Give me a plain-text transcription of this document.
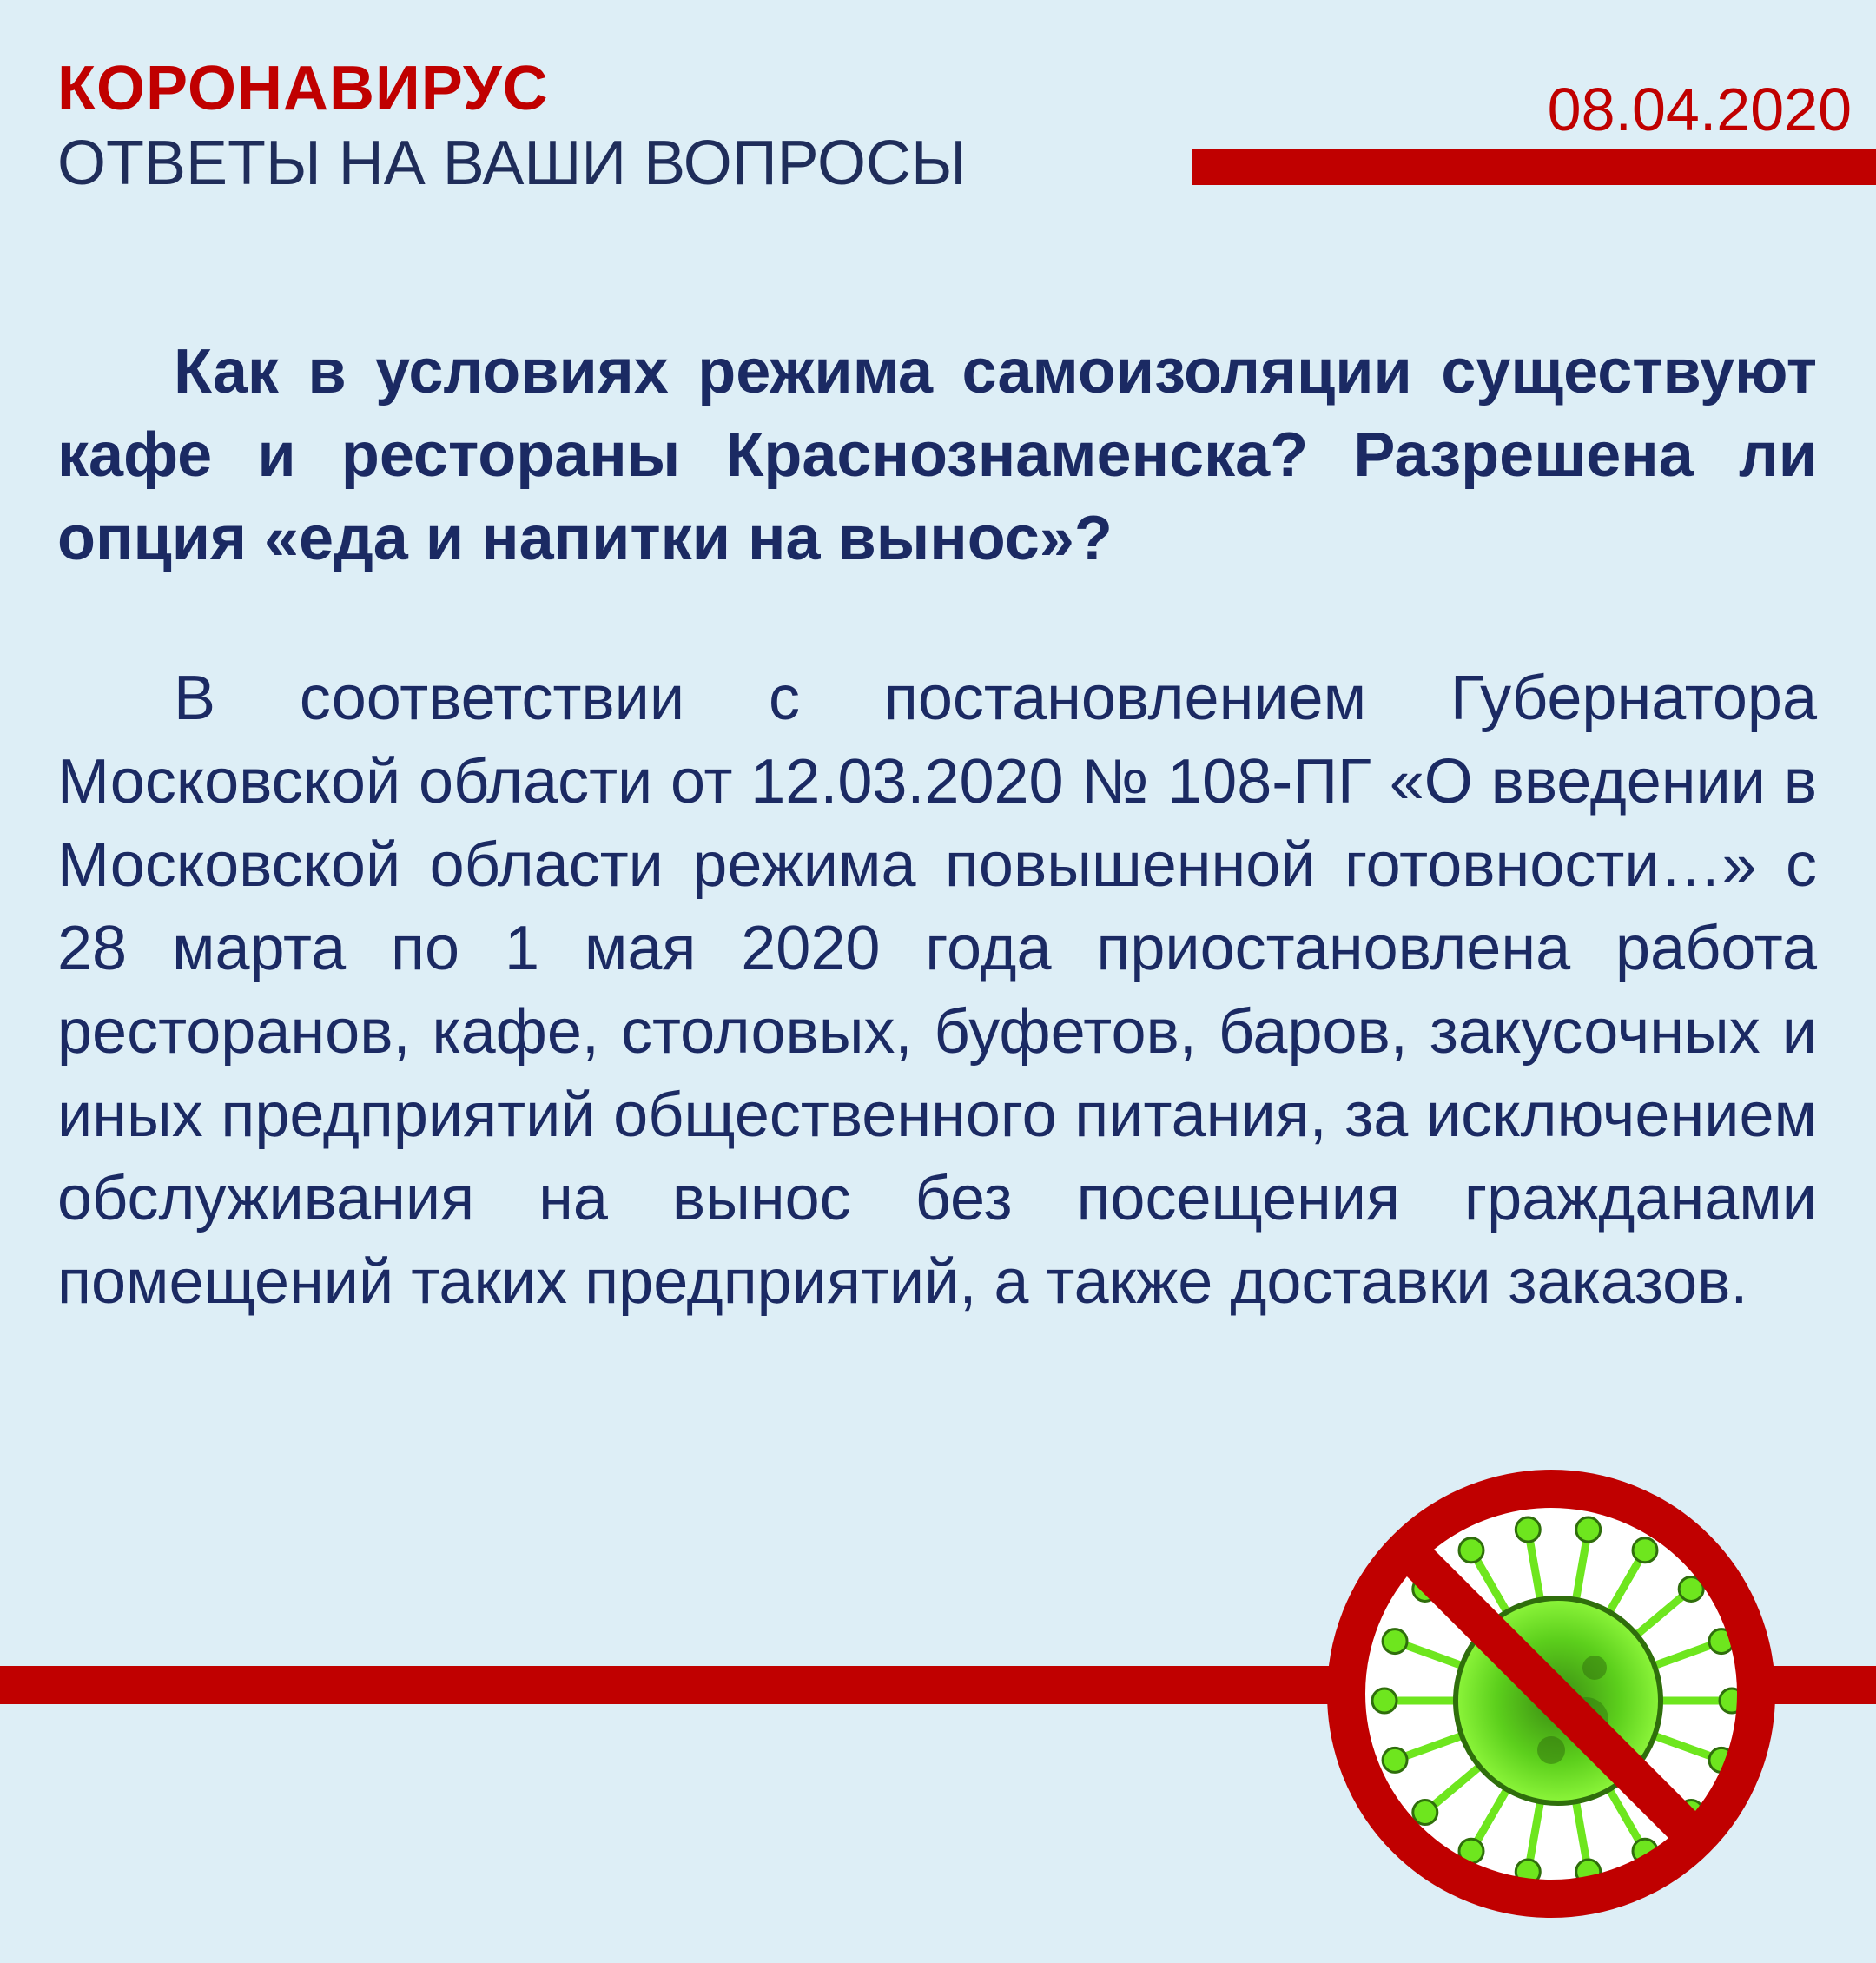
КОРОНАВИРУС
ОТВЕТЫ НА ВАШИ ВОПРОСЫ
08.04.2020

Как в условиях режима самоизоляции существуют кафе и рестораны Краснознаменска? Разрешена ли опция «еда и напитки на вынос»?

В соответствии с постановлением Губернатора Московской области от 12.03.2020 № 108-ПГ «О введении в Московской области режима повышенной готовности…» с 28 марта по 1 мая 2020 года приостановлена работа ресторанов, кафе, столовых, буфетов, баров, закусочных и иных предприятий общественного питания, за исключением обслуживания на вынос без посещения гражданами помещений таких предприятий, а также доставки заказов.
